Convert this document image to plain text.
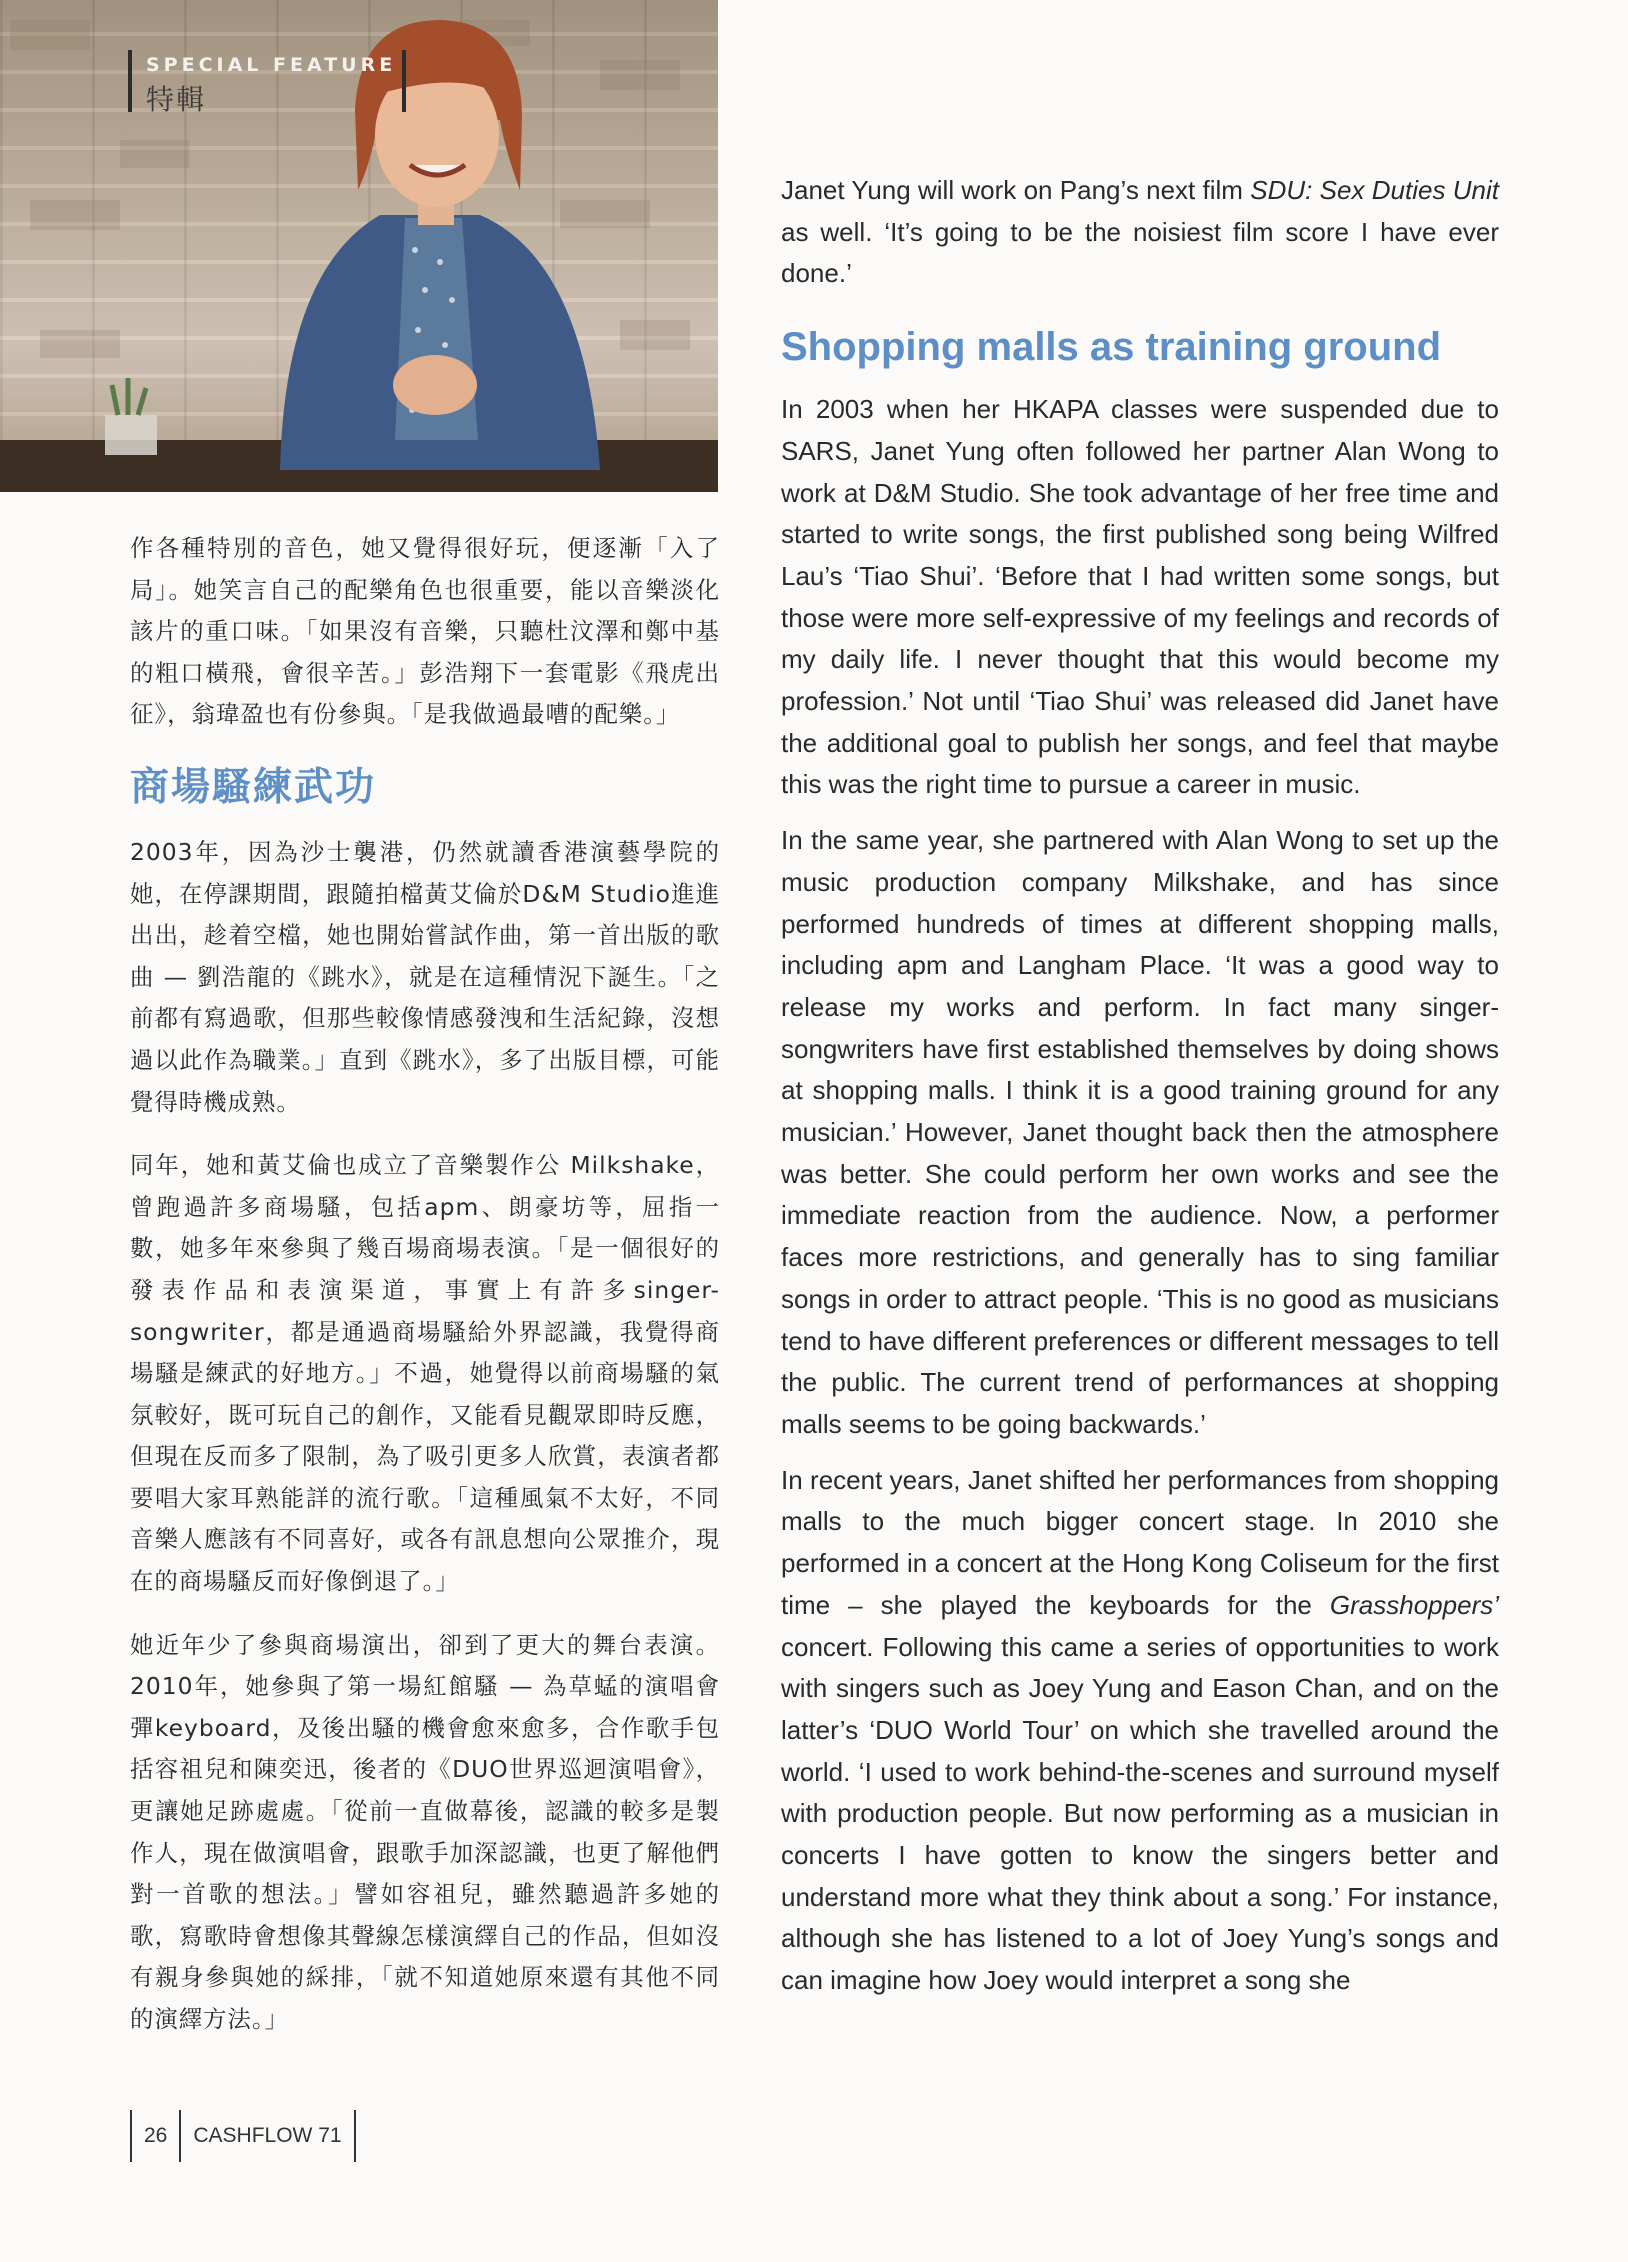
SPECIAL FEATURE
特輯

作各種特別的音色，她又覺得很好玩，便逐漸「入了局」。她笑言自己的配樂角色也很重要，能以音樂淡化該片的重口味。「如果沒有音樂，只聽杜汶澤和鄭中基的粗口橫飛，會很辛苦。」彭浩翔下一套電影《飛虎出征》，翁瑋盈也有份參與。「是我做過最嘈的配樂。」

商場騷練武功

2003年，因為沙士襲港，仍然就讀香港演藝學院的她，在停課期間，跟隨拍檔黃艾倫於D&M Studio進進出出，趁着空檔，她也開始嘗試作曲，第一首出版的歌曲 — 劉浩龍的《跳水》，就是在這種情況下誕生。「之前都有寫過歌，但那些較像情感發洩和生活紀錄，沒想過以此作為職業。」直到《跳水》，多了出版目標，可能覺得時機成熟。

同年，她和黃艾倫也成立了音樂製作公 Milkshake，曾跑過許多商場騷，包括apm、朗豪坊等，屈指一數，她多年來參與了幾百場商場表演。「是一個很好的發表作品和表演渠道，事實上有許多singer-songwriter，都是通過商場騷給外界認識，我覺得商場騷是練武的好地方。」不過，她覺得以前商場騷的氣氛較好，既可玩自己的創作，又能看見觀眾即時反應，但現在反而多了限制，為了吸引更多人欣賞，表演者都要唱大家耳熟能詳的流行歌。「這種風氣不太好，不同音樂人應該有不同喜好，或各有訊息想向公眾推介，現在的商場騷反而好像倒退了。」

她近年少了參與商場演出，卻到了更大的舞台表演。2010年，她參與了第一場紅館騷 — 為草蜢的演唱會彈keyboard，及後出騷的機會愈來愈多，合作歌手包括容祖兒和陳奕迅，後者的《DUO世界巡迴演唱會》，更讓她足跡處處。「從前一直做幕後，認識的較多是製作人，現在做演唱會，跟歌手加深認識，也更了解他們對一首歌的想法。」譬如容祖兒，雖然聽過許多她的歌，寫歌時會想像其聲線怎樣演繹自己的作品，但如沒有親身參與她的綵排，「就不知道她原來還有其他不同的演繹方法。」

Janet Yung will work on Pang’s next film SDU: Sex Duties Unit as well. ‘It’s going to be the noisiest film score I have ever done.’

Shopping malls as training ground

In 2003 when her HKAPA classes were suspended due to SARS, Janet Yung often followed her partner Alan Wong to work at D&M Studio. She took advantage of her free time and started to write songs, the first published song being Wilfred Lau’s ‘Tiao Shui’. ‘Before that I had written some songs, but those were more self-expressive of my feelings and records of my daily life. I never thought that this would become my profession.’ Not until ‘Tiao Shui’ was released did Janet have the additional goal to publish her songs, and feel that maybe this was the right time to pursue a career in music.

In the same year, she partnered with Alan Wong to set up the music production company Milkshake, and has since performed hundreds of times at different shopping malls, including apm and Langham Place. ‘It was a good way to release my works and perform. In fact many singer-songwriters have first established themselves by doing shows at shopping malls. I think it is a good training ground for any musician.’ However, Janet thought back then the atmosphere was better. She could perform her own works and see the immediate reaction from the audience. Now, a performer faces more restrictions, and generally has to sing familiar songs in order to attract people. ‘This is no good as musicians tend to have different preferences or different messages to tell the public. The current trend of performances at shopping malls seems to be going backwards.’

In recent years, Janet shifted her performances from shopping malls to the much bigger concert stage. In 2010 she performed in a concert at the Hong Kong Coliseum for the first time – she played the keyboards for the Grasshoppers’ concert. Following this came a series of opportunities to work with singers such as Joey Yung and Eason Chan, and on the latter’s ‘DUO World Tour’ on which she travelled around the world. ‘I used to work behind-the-scenes and surround myself with production people. But now performing as a musician in concerts I have gotten to know the singers better and understand more what they think about a song.’ For instance, although she has listened to a lot of Joey Yung’s songs and can imagine how Joey would interpret a song she

26	CASHFLOW 71
